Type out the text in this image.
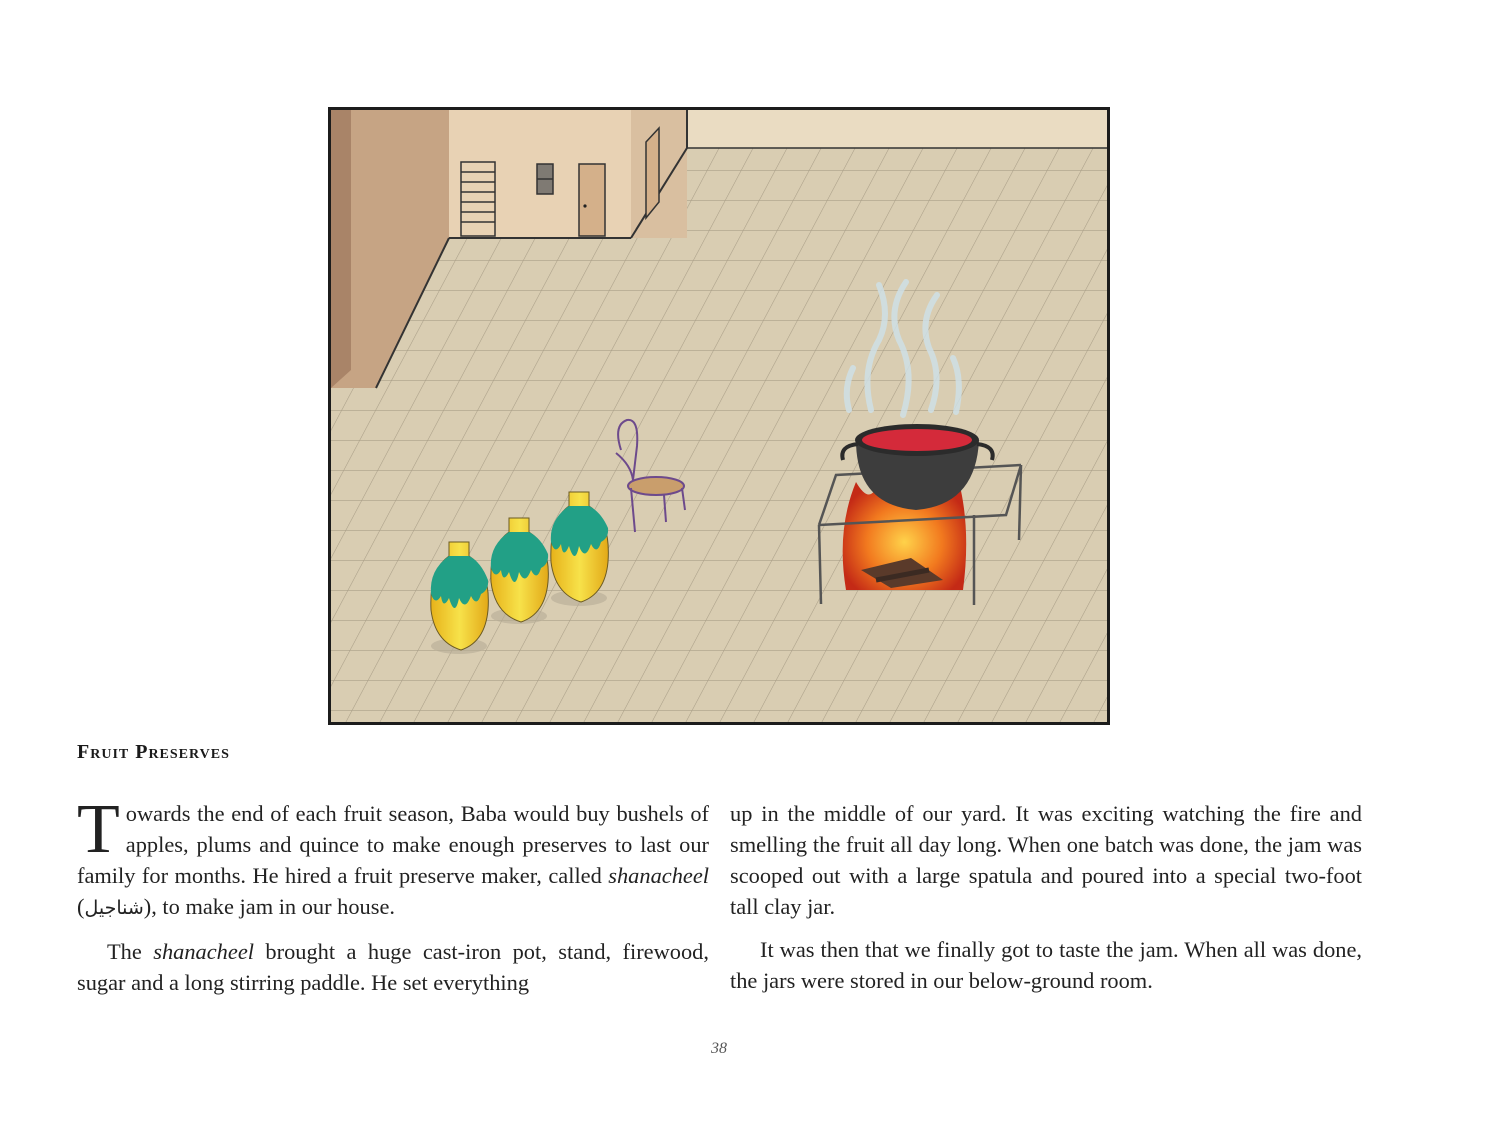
Fruit Preserves

Towards the end of each fruit season, Baba would buy bushels of apples, plums and quince to make enough preserves to last our family for months. He hired a fruit preserve maker, called shanacheel (شناجيل), to make jam in our house.

The shanacheel brought a huge cast-iron pot, stand, firewood, sugar and a long stirring paddle. He set everything

up in the middle of our yard. It was exciting watching the fire and smelling the fruit all day long. When one batch was done, the jam was scooped out with a large spatula and poured into a special two-foot tall clay jar.

It was then that we finally got to taste the jam. When all was done, the jars were stored in our below-ground room.

38
